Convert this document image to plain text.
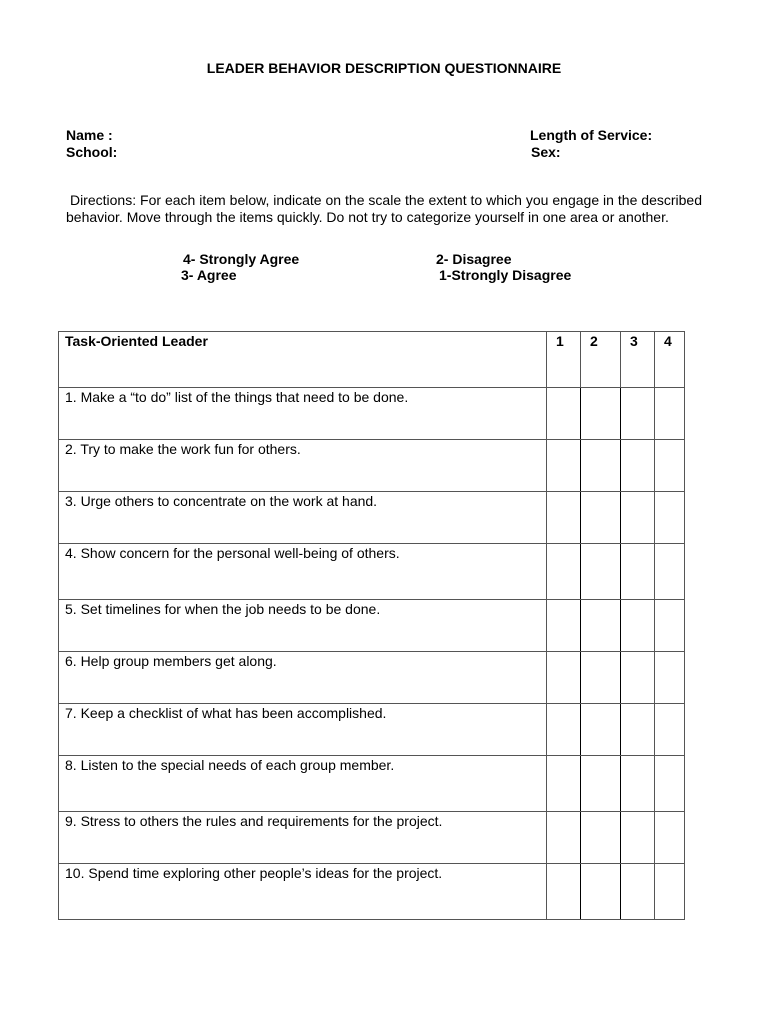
LEADER BEHAVIOR DESCRIPTION QUESTIONNAIRE

Name :

School:

Length of Service:

Sex:

Directions: For each item below, indicate on the scale the extent to which you engage in the described behavior. Move through the items quickly. Do not try to categorize yourself in one area or another.

4- Strongly Agree

3- Agree

2- Disagree

1-Strongly Disagree

Task-Oriented Leader	1	2	3	4
1. Make a “to do” list of the things that need to be done.				
2. Try to make the work fun for others.				
3. Urge others to concentrate on the work at hand.				
4. Show concern for the personal well-being of others.				
5. Set timelines for when the job needs to be done.				
6. Help group members get along.				
7. Keep a checklist of what has been accomplished.				
8. Listen to the special needs of each group member.				
9. Stress to others the rules and requirements for the project.				
10. Spend time exploring other people’s ideas for the project.				
